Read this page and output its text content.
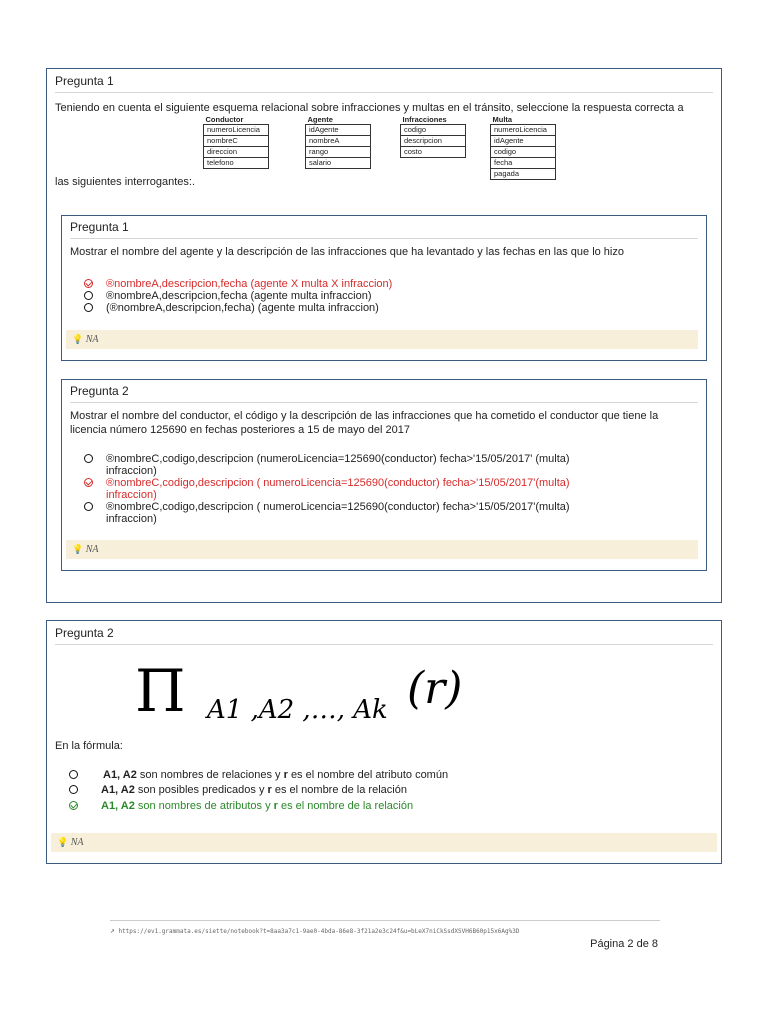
Pregunta 1
Teniendo en cuenta el siguiente esquema relacional sobre infracciones y multas en el tránsito, seleccione la respuesta correcta a
Conductor
numeroLicencia
nombreC
direccion
telefono
Agente
idAgente
nombreA
rango
salario
Infracciones
codigo
descripcion
costo
Multa
numeroLicencia
idAgente
codigo
fecha
pagada
las siguientes interrogantes:.
Pregunta 1
Mostrar el nombre del agente y la descripción de las infracciones que ha levantado y las fechas en las que lo hizo
®nombreA,descripcion,fecha (agente X multa X infraccion)
®nombreA,descripcion,fecha (agente multa infraccion)
(®nombreA,descripcion,fecha) (agente multa infraccion)
💡 NA
Pregunta 2
Mostrar el nombre del conductor, el código y la descripción de las infracciones que ha cometido el conductor que tiene la
licencia número 125690 en fechas posteriores a 15 de mayo del 2017
®nombreC,codigo,descripcion (numeroLicencia=125690(conductor) fecha>'15/05/2017' (multa)
infraccion)
®nombreC,codigo,descripcion ( numeroLicencia=125690(conductor) fecha>'15/05/2017'(multa)
infraccion)
®nombreC,codigo,descripcion ( numeroLicencia=125690(conductor) fecha>'15/05/2017'(multa)
infraccion)
💡 NA
Pregunta 2
Π A1 ,A2 ,…, Ak (r)
En la fórmula:
A1, A2 son nombres de relaciones y r es el nombre del atributo común
A1, A2 son posibles predicados y r es el nombre de la relación
A1, A2 son nombres de atributos y r es el nombre de la relación
💡 NA
↗ https://ev1.grammata.es/siette/notebook?t=8aa3a7c1-9ae0-4bda-86e8-3f21a2e3c24f&u=bLeX7niCkSsdXSVH6B60p15x6Ag%3D
Página 2 de 8
